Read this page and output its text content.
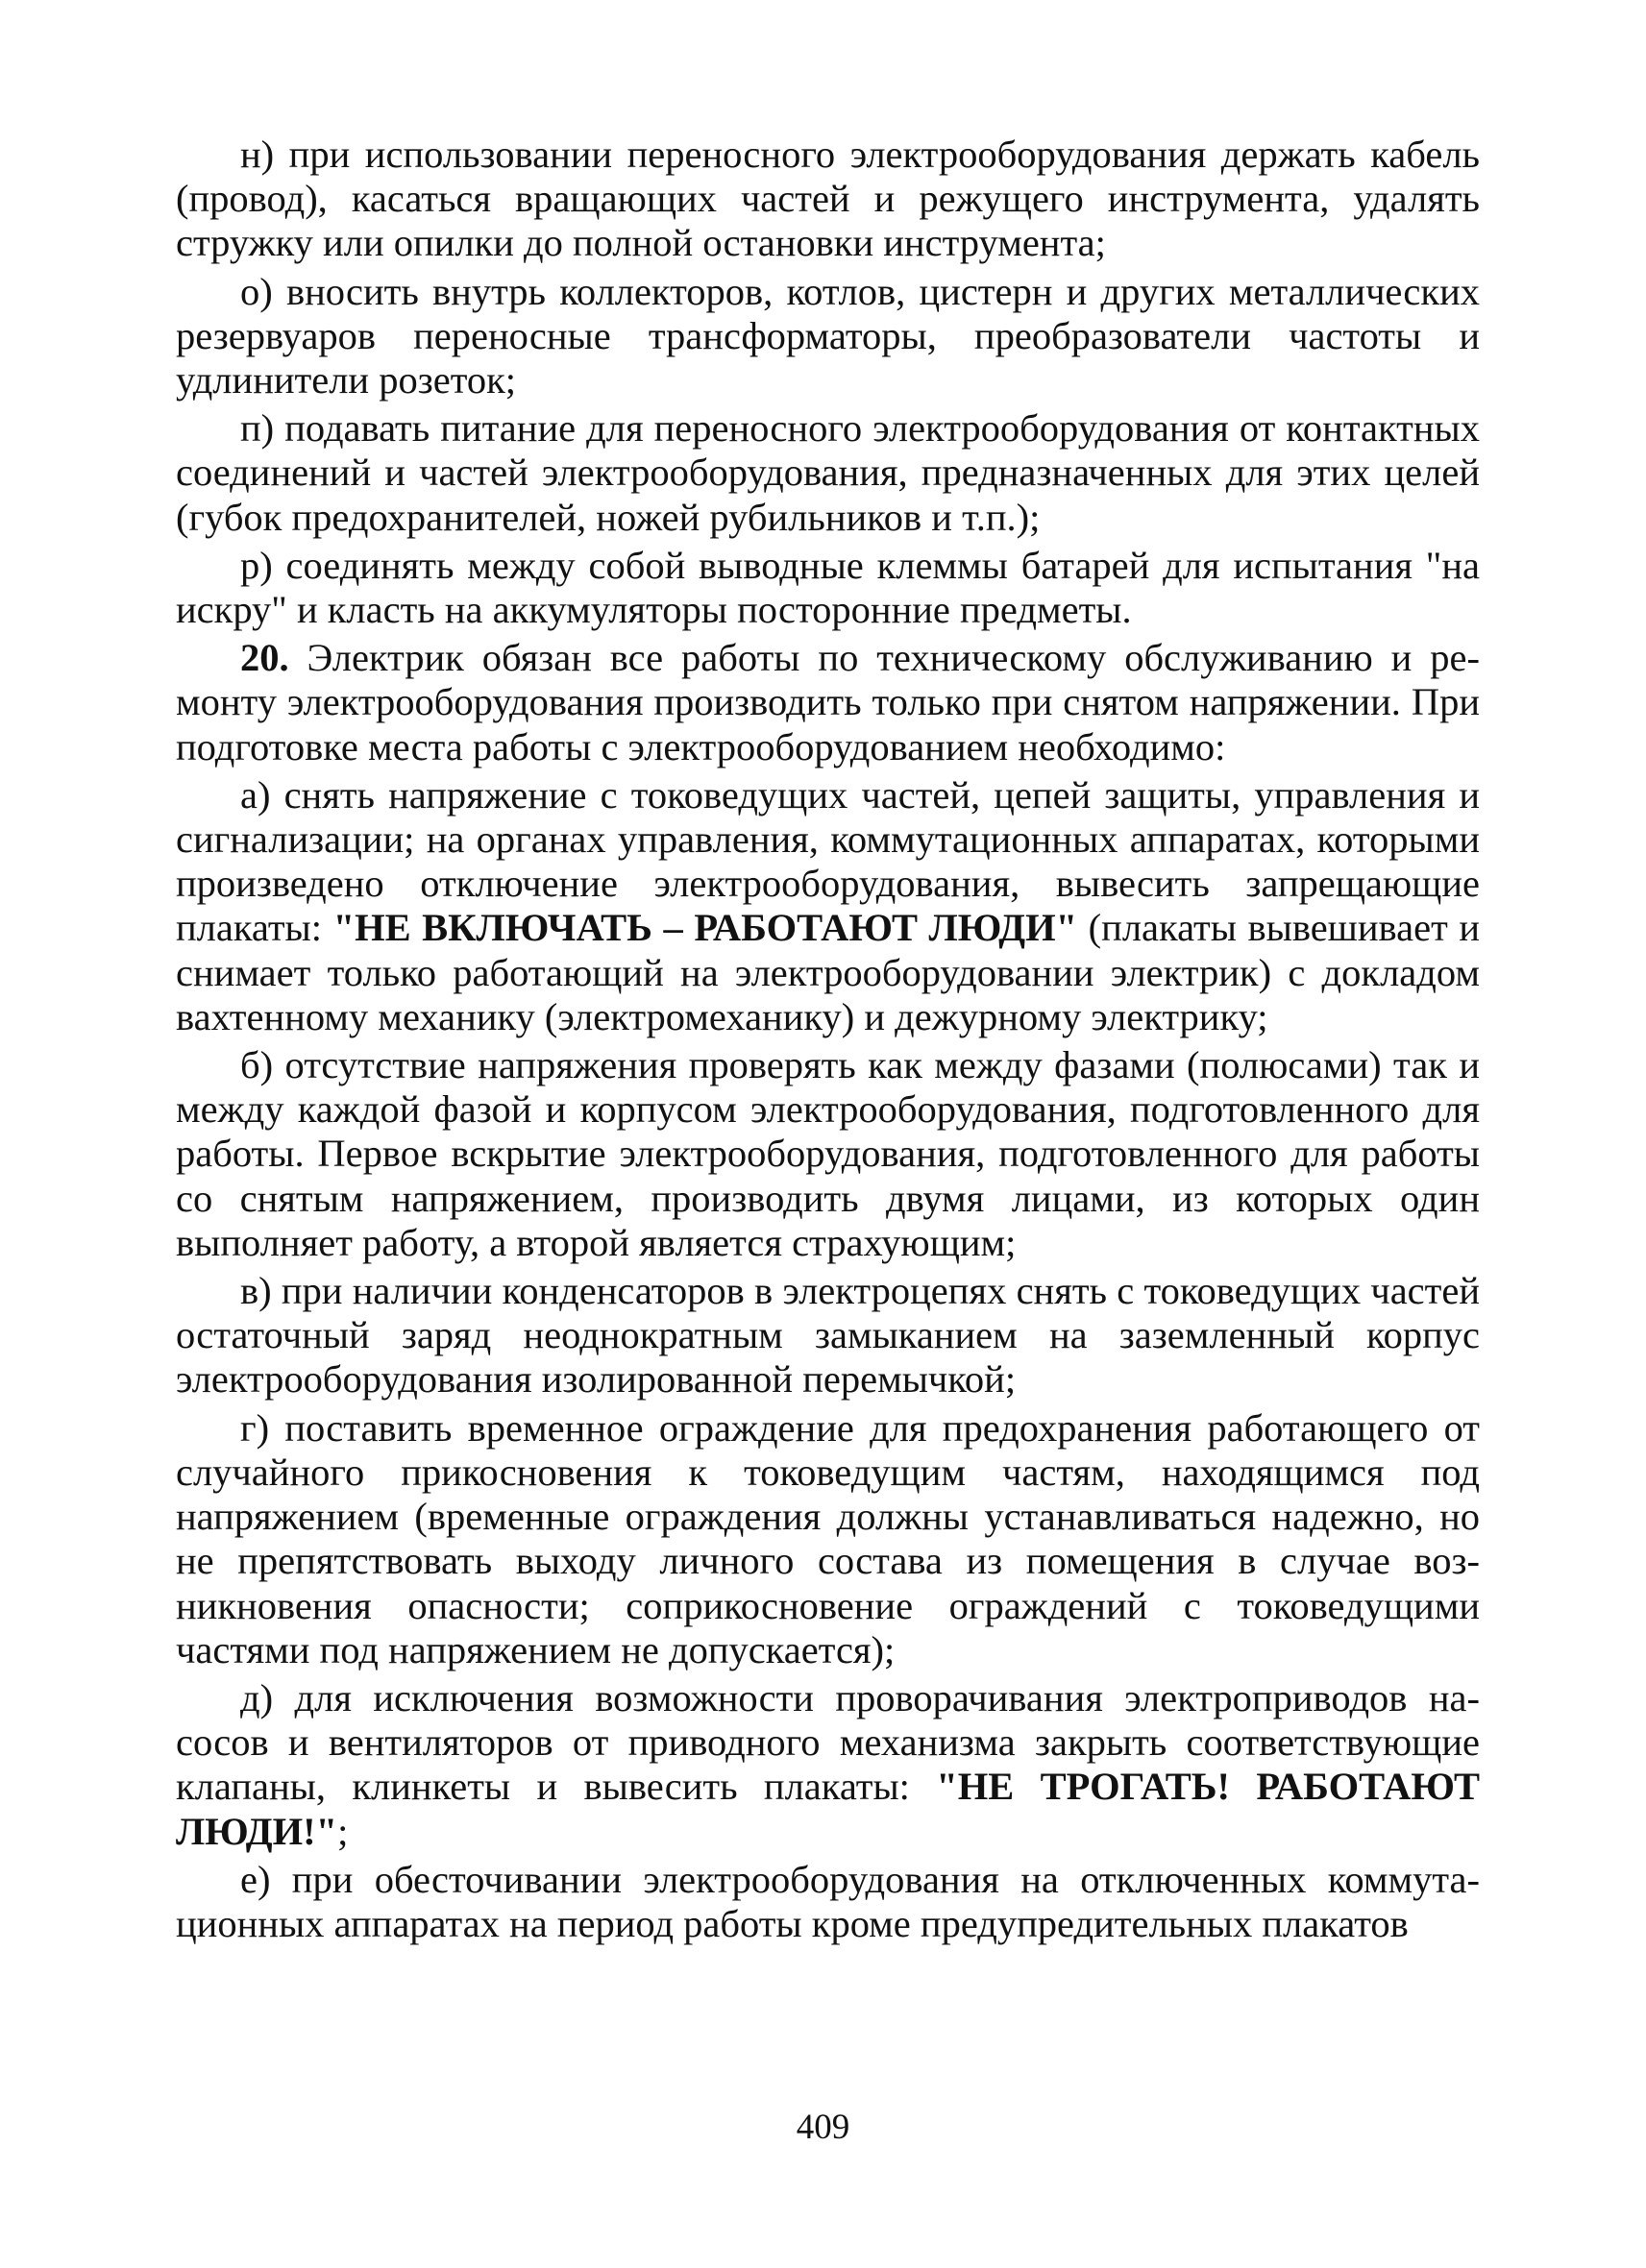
н) при использовании переносного электрооборудования держать кабель (провод), касаться вращающих частей и режущего инструмента, удалять стружку или опилки до полной остановки инструмента;

о) вносить внутрь коллекторов, котлов, цистерн и других металлических резервуаров переносные трансформаторы, преобразователи частоты и удлинители розеток;

п) подавать питание для переносного электрооборудования от контактных соединений и частей электрооборудования, предназначенных для этих целей (губок предохранителей, ножей рубильников и т.п.);

р) соединять между собой выводные клеммы батарей для испытания "на искру" и класть на аккумуляторы посторонние предметы.

20. Электрик обязан все работы по техническому обслуживанию и ремонту электрооборудования производить только при снятом напряжении. При подготовке места работы с электрооборудованием необходимо:

а) снять напряжение с токоведущих частей, цепей защиты, управления и сигнализации; на органах управления, коммутационных аппаратах, которыми произведено отключение электрооборудования, вывесить запрещающие плакаты: "НЕ ВКЛЮЧАТЬ – РАБОТАЮТ ЛЮДИ" (плакаты вывешивает и снимает только работающий на электрооборудовании электрик) с докладом вахтенному механику (электромеханику) и дежурному электрику;

б) отсутствие напряжения проверять как между фазами (полюсами) так и между каждой фазой и корпусом электрооборудования, подготовленного для работы. Первое вскрытие электрооборудования, подготовленного для работы со снятым напряжением, производить двумя лицами, из которых один выполняет работу, а второй является страхующим;

в) при наличии конденсаторов в электроцепях снять с токоведущих частей остаточный заряд неоднократным замыканием на заземленный корпус электрооборудования изолированной перемычкой;

г) поставить временное ограждение для предохранения работающего от случайного прикосновения к токоведущим частям, находящимся под напряжением (временные ограждения должны устанавливаться надежно, но не препятствовать выходу личного состава из помещения в случае возникновения опасности; соприкосновение ограждений с токоведущими частями под напряжением не допускается);

д) для исключения возможности проворачивания электроприводов насосов и вентиляторов от приводного механизма закрыть соответствующие клапаны, клинкеты и вывесить плакаты: "НЕ ТРОГАТЬ! РАБОТАЮТ ЛЮДИ!";

е) при обесточивании электрооборудования на отключенных коммутационных аппаратах на период работы кроме предупредительных плакатов

409
